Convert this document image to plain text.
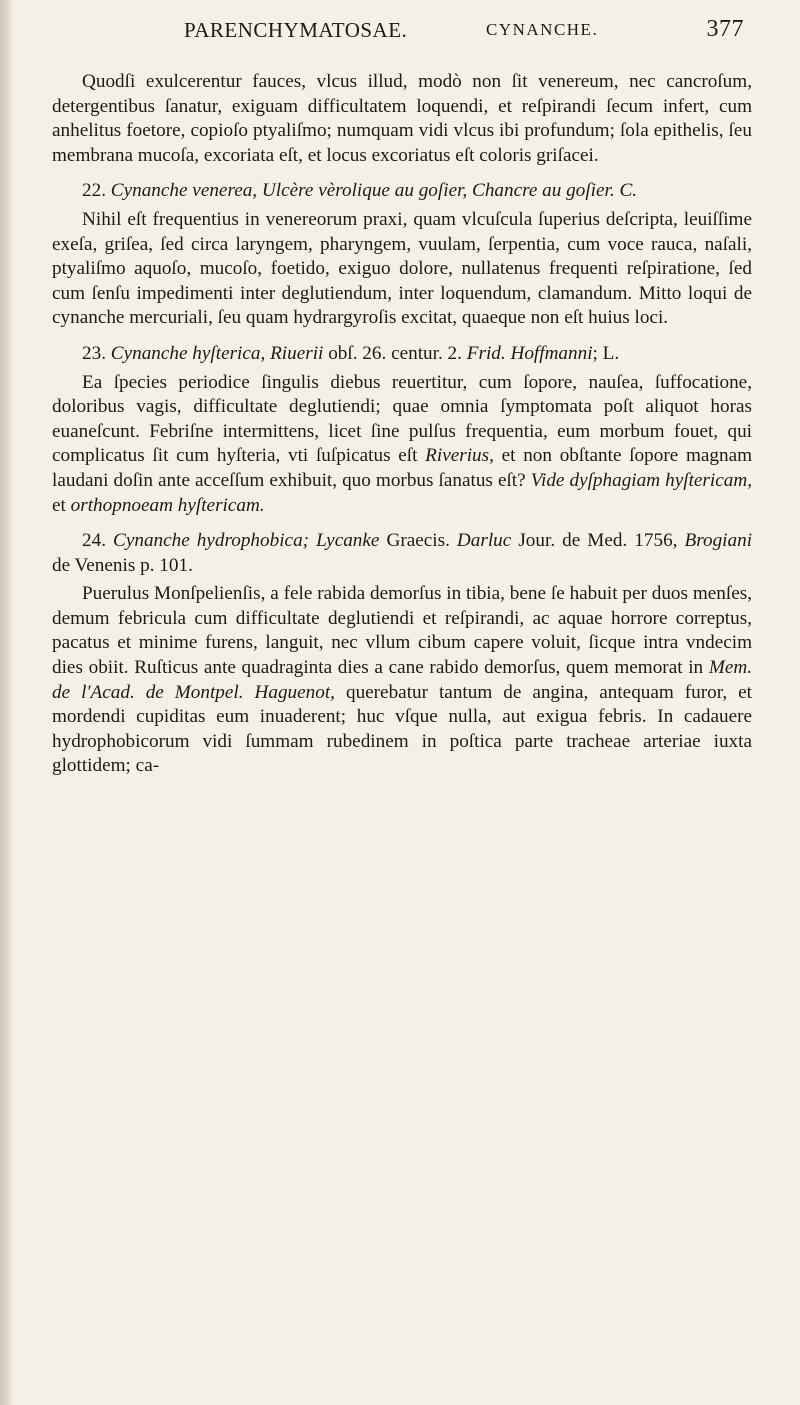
PARENCHYMATOSAE.	CYNANCHE.	377

Quodſi exulcerentur fauces, vlcus illud, modò non ſit venereum, nec cancroſum, detergentibus ſanatur, exiguam difficultatem loquendi, et reſpirandi ſecum infert, cum anhelitus foetore, copioſo ptyaliſmo; numquam vidi vlcus ibi profundum; ſola epithelis, ſeu membrana mucoſa, excoriata eſt, et locus excoriatus eſt coloris griſacei.

22. Cynanche venerea, Ulcère vèrolique au goſier, Chancre au goſier. C.

Nihil eſt frequentius in venereorum praxi, quam vlcuſcula ſuperius deſcripta, leuiſſime exeſa, griſea, ſed circa laryngem, pharyngem, vuulam, ſerpentia, cum voce rauca, naſali, ptyaliſmo aquoſo, mucoſo, foetido, exiguo dolore, nullatenus frequenti reſpiratione, ſed cum ſenſu impedimenti inter deglutiendum, inter loquendum, clamandum. Mitto loqui de cynanche mercuriali, ſeu quam hydrargyroſis excitat, quaeque non eſt huius loci.

23. Cynanche hyſterica, Riuerii obſ. 26. centur. 2. Frid. Hoffmanni; L.

Ea ſpecies periodice ſingulis diebus reuertitur, cum ſopore, nauſea, ſuffocatione, doloribus vagis, difficultate deglutiendi; quae omnia ſymptomata poſt aliquot horas euaneſcunt. Febriſne intermittens, licet ſine pulſus frequentia, eum morbum fouet, qui complicatus ſit cum hyſteria, vti ſuſpicatus eſt Riverius, et non obſtante ſopore magnam laudani doſin ante acceſſum exhibuit, quo morbus ſanatus eſt? Vide dyſphagiam hyſtericam, et orthopnoeam hyſtericam.

24. Cynanche hydrophobica; Lycanke Graecis. Darluc Jour. de Med. 1756, Brogiani de Venenis p. 101.

Puerulus Monſpelienſis, a fele rabida demorſus in tibia, bene ſe habuit per duos menſes, demum febricula cum difficultate deglutiendi et reſpirandi, ac aquae horrore correptus, pacatus et minime furens, languit, nec vllum cibum capere voluit, ſicque intra vndecim dies obiit. Ruſticus ante quadraginta dies a cane rabido demorſus, quem memorat in Mem. de l'Acad. de Montpel. Haguenot, querebatur tantum de angina, antequam furor, et mordendi cupiditas eum inuaderent; huc vſque nulla, aut exigua febris. In cadauere hydrophobicorum vidi ſummam rubedinem in poſtica parte tracheae arteriae iuxta glottidem; ca-
